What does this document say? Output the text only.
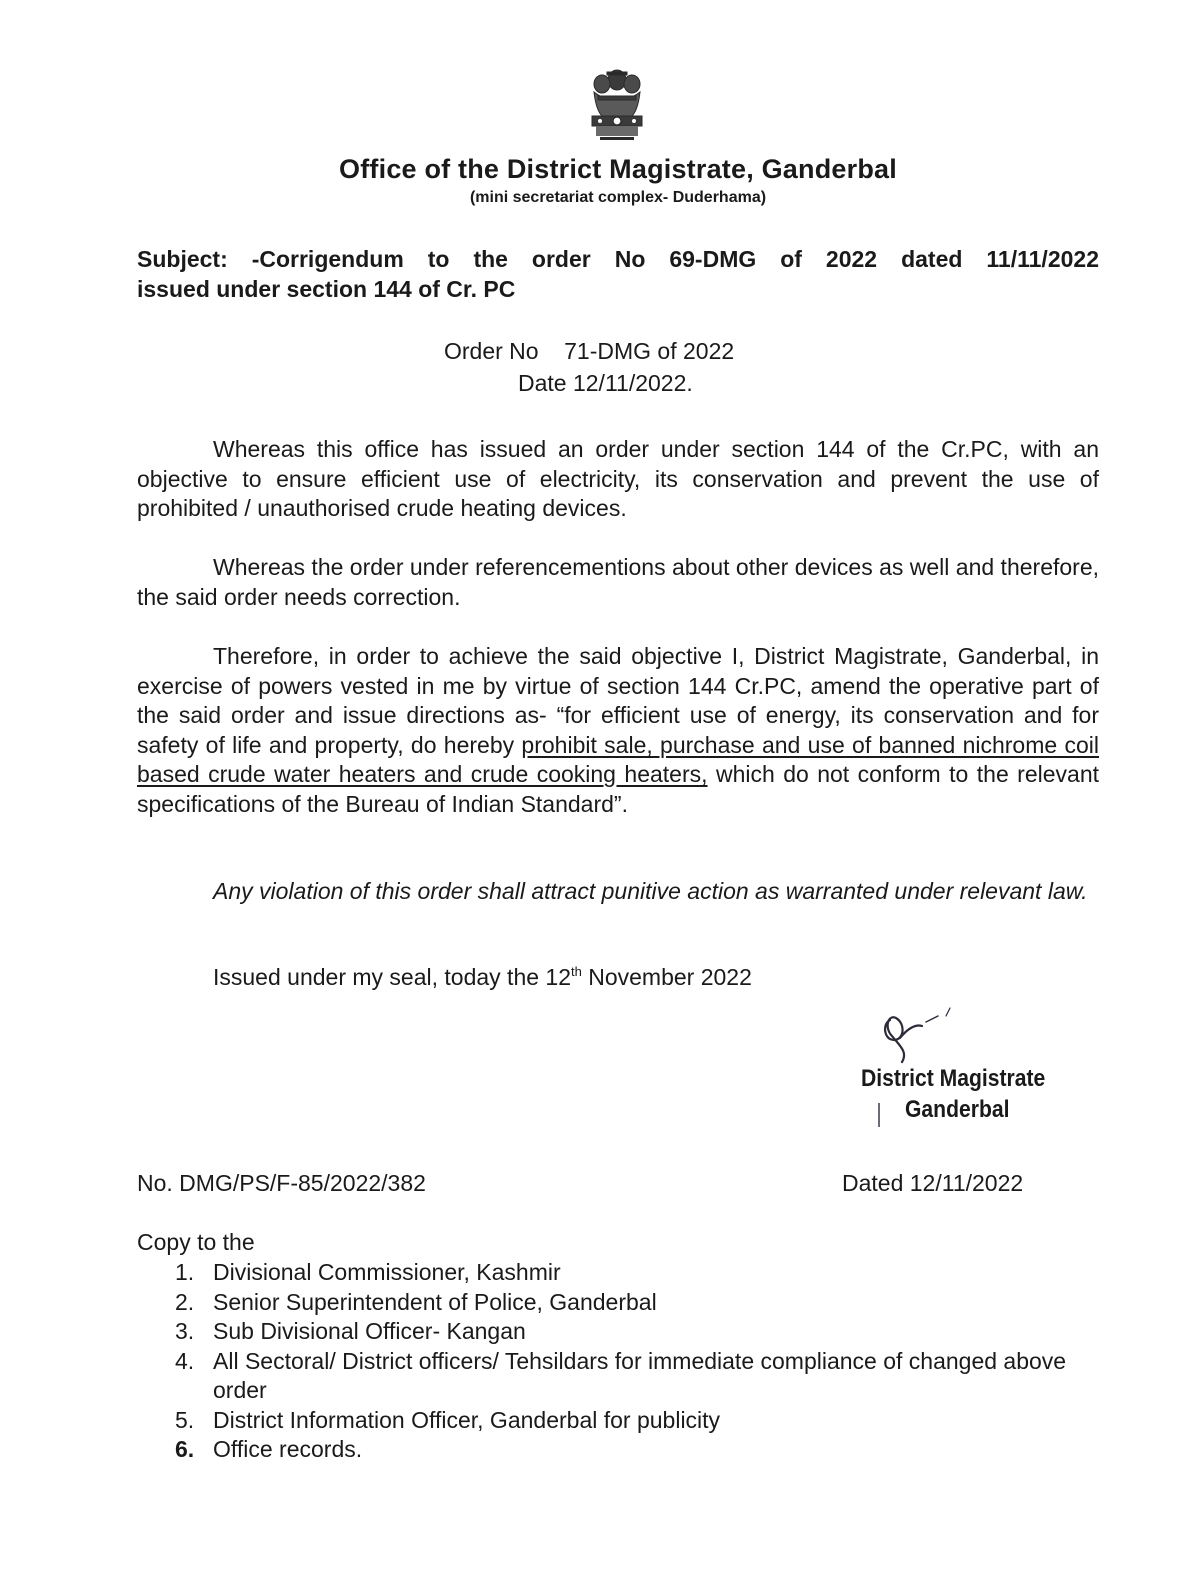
Office of the District Magistrate, Ganderbal
(mini secretariat complex- Duderhama)
Subject: -Corrigendum to the order No 69-DMG of 2022 dated 11/11/2022
issued under section 144 of Cr. PC
Order No    71-DMG of 2022
Date 12/11/2022.

Whereas this office has issued an order under section 144 of the Cr.PC, with an objective to ensure efficient use of electricity, its conservation and prevent the use of prohibited / unauthorised crude heating devices.

Whereas the order under referencementions about other devices as well and therefore, the said order needs correction.

Therefore, in order to achieve the said objective I, District Magistrate, Ganderbal, in exercise of powers vested in me by virtue of section 144 Cr.PC, amend the operative part of the said order and issue directions as- “for efficient use of energy, its conservation and for safety of life and property, do hereby prohibit sale, purchase and use of banned nichrome coil based crude water heaters and crude cooking heaters, which do not conform to the relevant specifications of the Bureau of Indian Standard”.

Any violation of this order shall attract punitive action as warranted under relevant law.

Issued under my seal, today the 12th November 2022
District Magistrate
Ganderbal
No. DMG/PS/F-85/2022/382	Dated 12/11/2022
Copy to the
1. Divisional Commissioner, Kashmir
2. Senior Superintendent of Police, Ganderbal
3. Sub Divisional Officer- Kangan
4. All Sectoral/ District officers/ Tehsildars for immediate compliance of changed above order
5. District Information Officer, Ganderbal for publicity
6. Office records.
